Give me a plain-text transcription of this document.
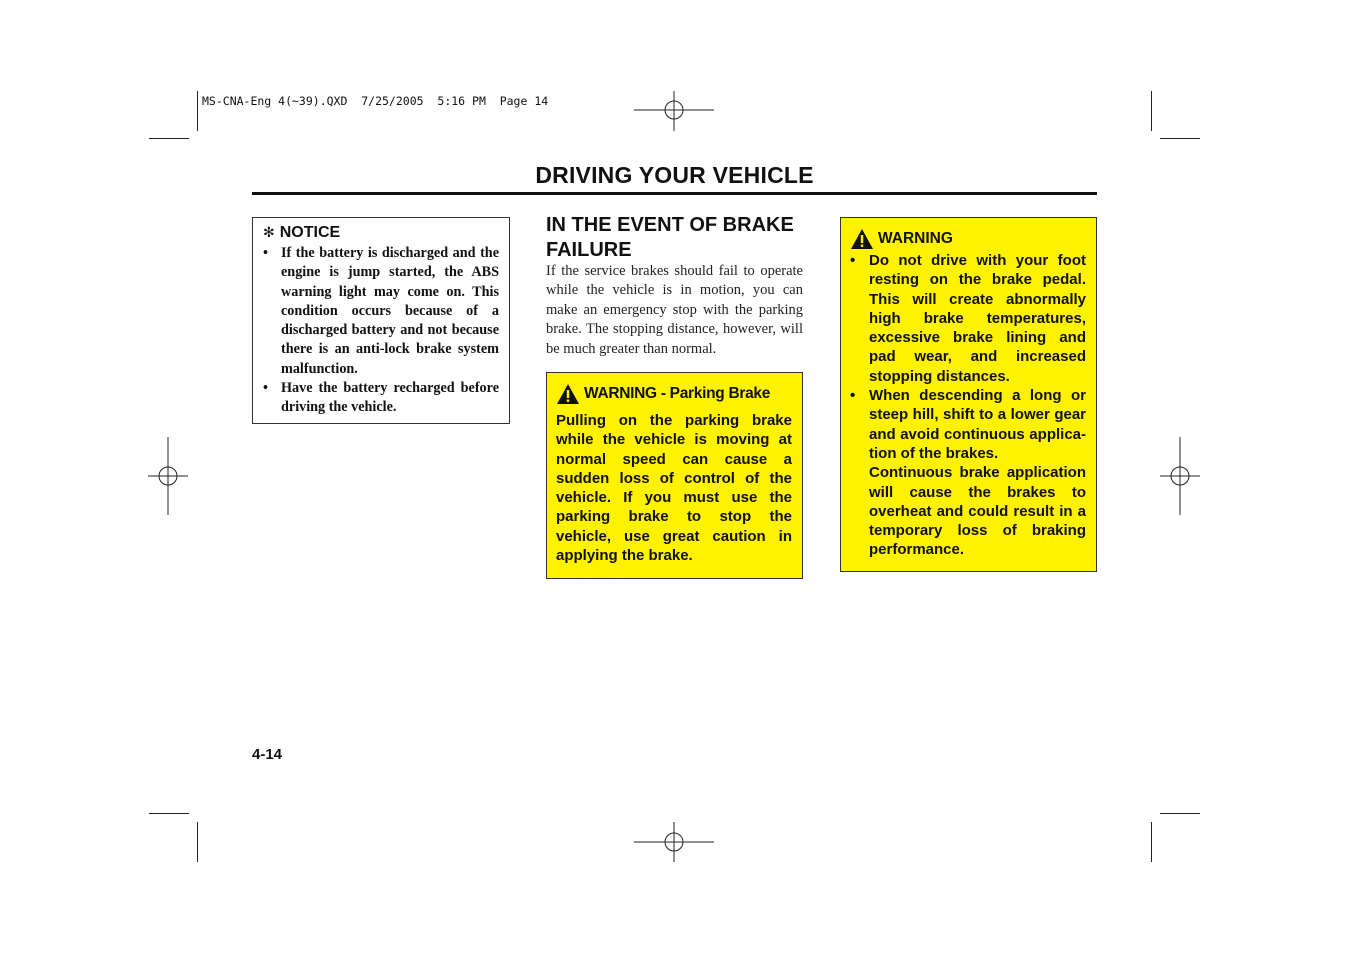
MS-CNA-Eng 4(~39).QXD  7/25/2005  5:16 PM  Page 14
DRIVING YOUR VEHICLE
✻ NOTICE
• If the battery is discharged and the engine is jump started, the ABS warning light may come on. This condition occurs because of a discharged battery and not because there is an anti-lock brake system malfunction.
• Have the battery recharged before driving the vehicle.
IN THE EVENT OF BRAKE FAILURE
If the service brakes should fail to operate while the vehicle is in motion, you can make an emergency stop with the parking brake. The stopping distance, however, will be much greater than normal.
WARNING - Parking Brake
Pulling on the parking brake while the vehicle is moving at normal speed can cause a sudden loss of control of the vehicle. If you must use the parking brake to stop the vehicle, use great caution in applying the brake.
WARNING
• Do not drive with your foot resting on the brake pedal. This will create abnormally high brake temperatures, excessive brake lining and pad wear, and increased stopping distances.
• When descending a long or steep hill, shift to a lower gear and avoid continuous applica-tion of the brakes.
Continuous brake application will cause the brakes to overheat and could result in a temporary loss of braking performance.
4-14
